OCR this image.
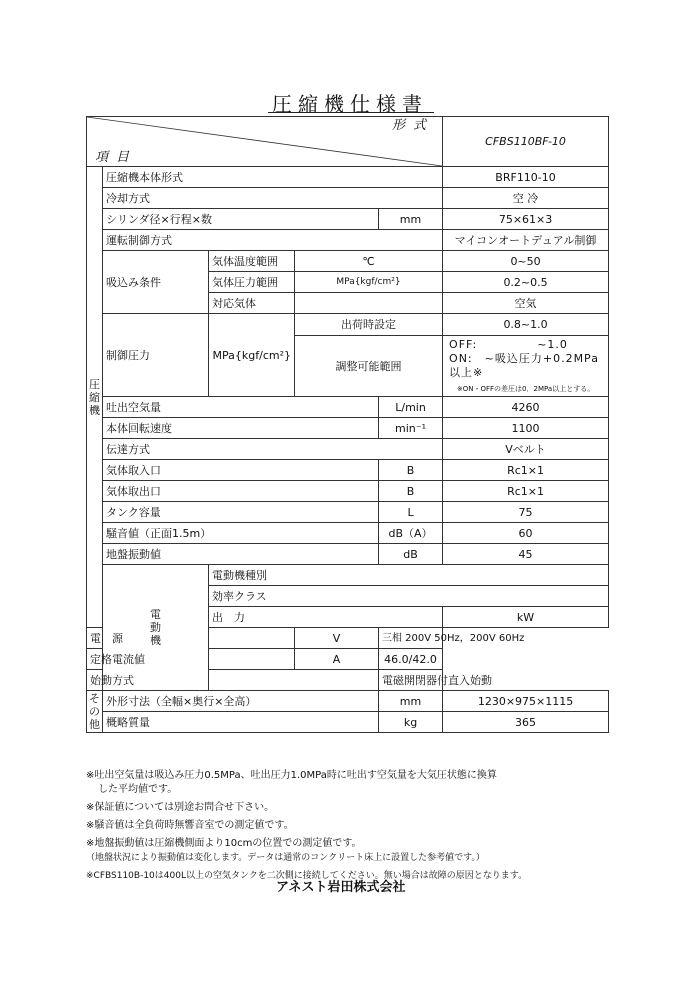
圧縮機仕様書
形式
項目					CFBS110BF-10	

圧縮機	圧縮機本体形式				BRF110-10	
	冷却方式				空 冷	
	シリンダ径×行程×数			mm	75×61×3	
	運転制御方式				マイコンオートデュアル制御	
	吸込み条件	気体温度範囲	℃		0~50	
		気体圧力範囲	MPa{kgf/cm²}		0.2~0.5	
		対応気体			空気	
	制御圧力	MPa{kgf/cm²}	出荷時設定		0.8~1.0	
			調整可能範囲		OFF:　　　　　~1.0
ON:　~吸込圧力+0.2MPa以上※
※ON・OFFの差圧は0．2MPa以上とする。	

	吐出空気量			L/min	4260	
	本体回転速度			min⁻¹	1100	
	伝達方式				Vベルト	
	気体取入口			B	Rc1×1	
	気体取出口			B	Rc1×1	
	タンク容量			L	75	
	騒音値（正面1.5m）			dB（A）	60	
	地盤振動値			dB	45	

	電動機	電動機種別	
		効率クラス	
		出　力			kW	
電　源			V	三相 200V 50Hz，200V 60Hz		
定格電流値			A	46.0/42.0		
始動方式				電磁開閉器付直入始動		

その他	外形寸法（全幅×奥行×全高）			mm	1230×975×1115	
	概略質量			kg	365	
※吐出空気量は吸込み圧力0.5MPa、吐出圧力1.0MPa時に吐出す空気量を大気圧状態に換算
した平均値です。
※保証値については別途お問合せ下さい。
※騒音値は全負荷時無響音室での測定値です。
※地盤振動値は圧縮機側面より10cmの位置での測定値です。
（地盤状況により振動値は変化します。データは通常のコンクリート床上に設置した参考値です。）
※CFBS110B-10は400L以上の空気タンクを二次側に接続してください。無い場合は故障の原因となります。
アネスト岩田株式会社
